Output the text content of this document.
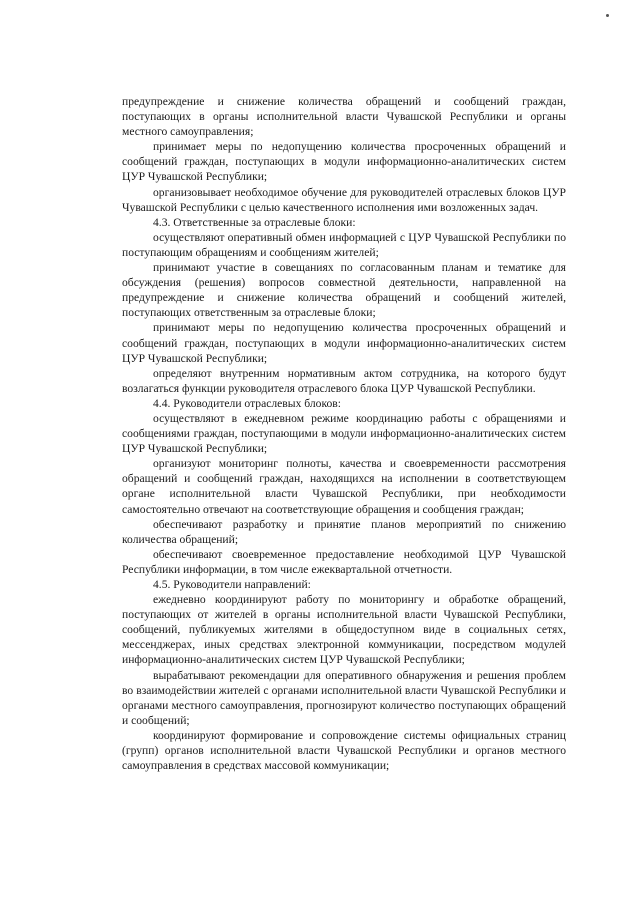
предупреждение и снижение количества обращений и сообщений граждан, поступающих в органы исполнительной власти Чувашской Республики и органы местного самоуправления;

принимает меры по недопущению количества просроченных обращений и сообщений граждан, поступающих в модули информационно-аналитических систем ЦУР Чувашской Республики;

организовывает необходимое обучение для руководителей отраслевых блоков ЦУР Чувашской Республики с целью качественного исполнения ими возложенных задач.

4.3. Ответственные за отраслевые блоки:

осуществляют оперативный обмен информацией с ЦУР Чувашской Республики по поступающим обращениям и сообщениям жителей;

принимают участие в совещаниях по согласованным планам и тематике для обсуждения (решения) вопросов совместной деятельности, направленной на предупреждение и снижение количества обращений и сообщений жителей, поступающих ответственным за отраслевые блоки;

принимают меры по недопущению количества просроченных обращений и сообщений граждан, поступающих в модули информационно-аналитических систем ЦУР Чувашской Республики;

определяют внутренним нормативным актом сотрудника, на которого будут возлагаться функции руководителя отраслевого блока ЦУР Чувашской Республики.

4.4. Руководители отраслевых блоков:

осуществляют в ежедневном режиме координацию работы с обращениями и сообщениями граждан, поступающими в модули информационно-аналитических систем ЦУР Чувашской Республики;

организуют мониторинг полноты, качества и своевременности рассмотрения обращений и сообщений граждан, находящихся на исполнении в соответствующем органе исполнительной власти Чувашской Республики, при необходимости самостоятельно отвечают на соответствующие обращения и сообщения граждан;

обеспечивают разработку и принятие планов мероприятий по снижению количества обращений;

обеспечивают своевременное предоставление необходимой ЦУР Чувашской Республики информации, в том числе ежеквартальной отчетности.

4.5. Руководители направлений:

ежедневно координируют работу по мониторингу и обработке обращений, поступающих от жителей в органы исполнительной власти Чувашской Республики, сообщений, публикуемых жителями в общедоступном виде в социальных сетях, мессенджерах, иных средствах электронной коммуникации, посредством модулей информационно-аналитических систем ЦУР Чувашской Республики;

вырабатывают рекомендации для оперативного обнаружения и решения проблем во взаимодействии жителей с органами исполнительной власти Чувашской Республики и органами местного самоуправления, прогнозируют количество поступающих обращений и сообщений;

координируют формирование и сопровождение системы официальных страниц (групп) органов исполнительной власти Чувашской Республики и органов местного самоуправления в средствах массовой коммуникации;
